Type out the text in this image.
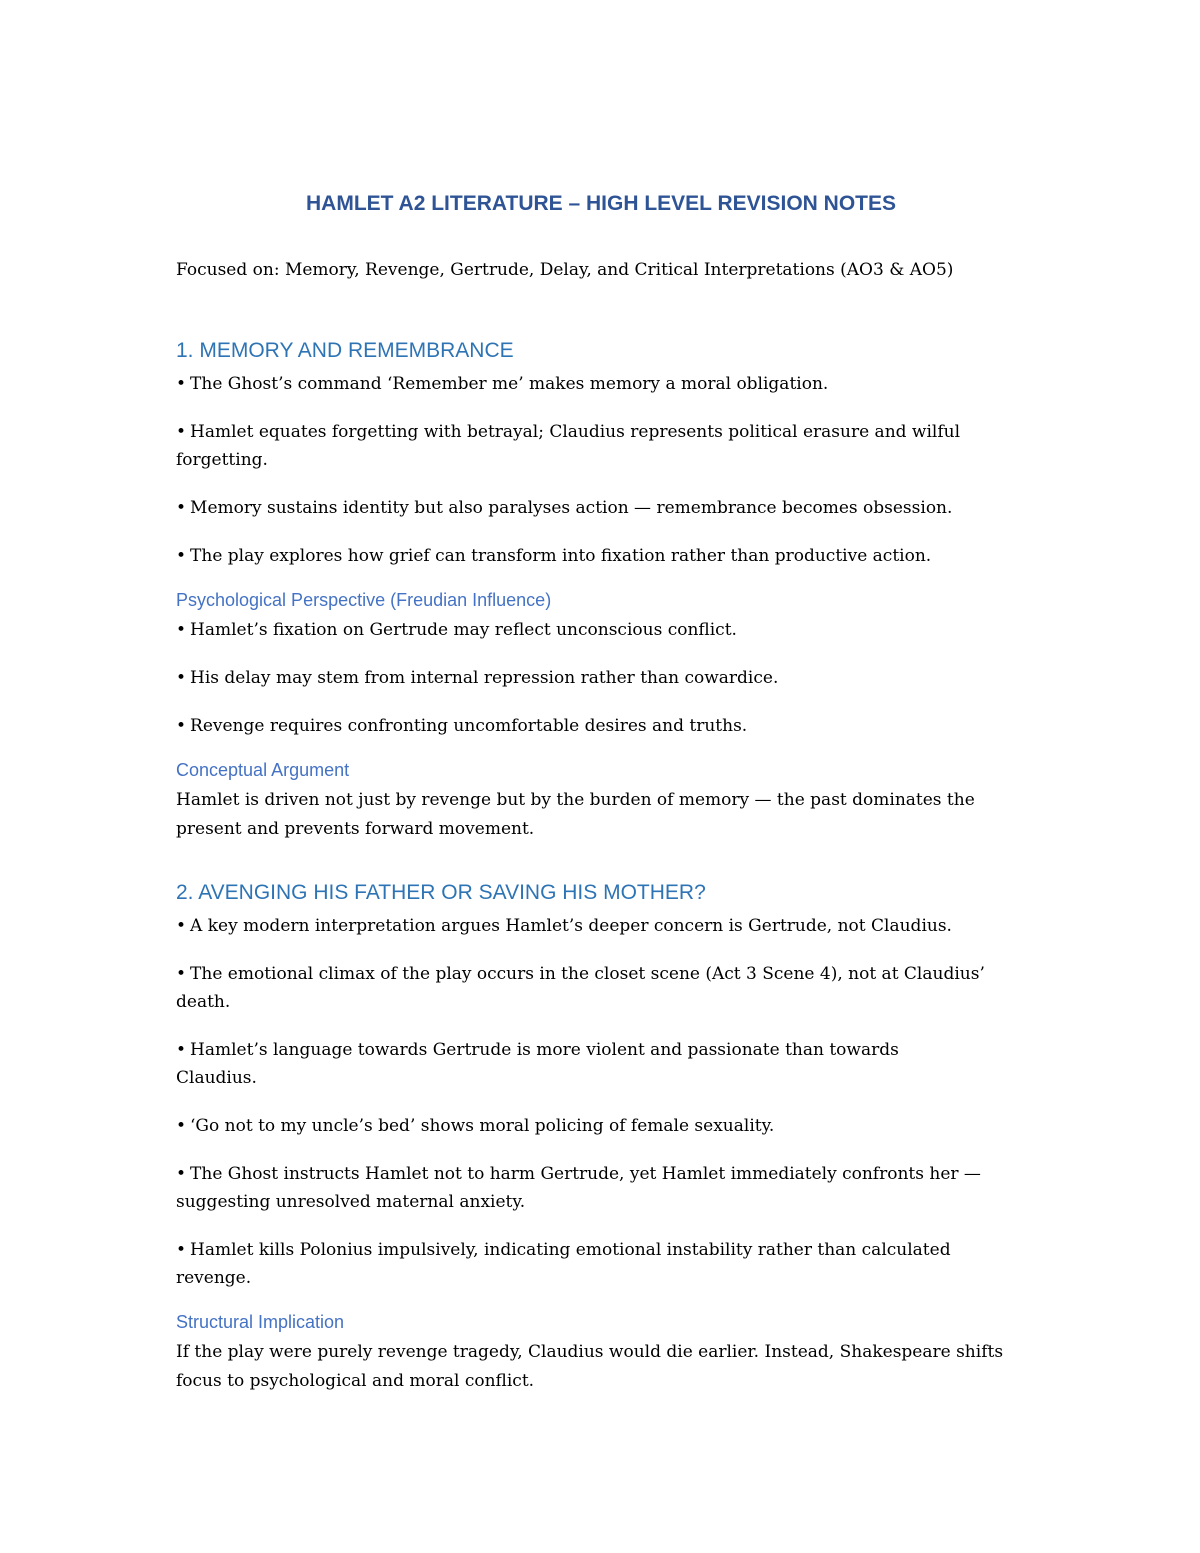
HAMLET A2 LITERATURE – HIGH LEVEL REVISION NOTES

Focused on: Memory, Revenge, Gertrude, Delay, and Critical Interpretations (AO3 & AO5)

1. MEMORY AND REMEMBRANCE

• The Ghost’s command ‘Remember me’ makes memory a moral obligation.

• Hamlet equates forgetting with betrayal; Claudius represents political erasure and wilful forgetting.

• Memory sustains identity but also paralyses action — remembrance becomes obsession.

• The play explores how grief can transform into fixation rather than productive action.

Psychological Perspective (Freudian Influence)

• Hamlet’s fixation on Gertrude may reflect unconscious conflict.

• His delay may stem from internal repression rather than cowardice.

• Revenge requires confronting uncomfortable desires and truths.

Conceptual Argument

Hamlet is driven not just by revenge but by the burden of memory — the past dominates the present and prevents forward movement.

2. AVENGING HIS FATHER OR SAVING HIS MOTHER?

• A key modern interpretation argues Hamlet’s deeper concern is Gertrude, not Claudius.

• The emotional climax of the play occurs in the closet scene (Act 3 Scene 4), not at Claudius’ death.

• Hamlet’s language towards Gertrude is more violent and passionate than towards Claudius.

• ‘Go not to my uncle’s bed’ shows moral policing of female sexuality.

• The Ghost instructs Hamlet not to harm Gertrude, yet Hamlet immediately confronts her — suggesting unresolved maternal anxiety.

• Hamlet kills Polonius impulsively, indicating emotional instability rather than calculated revenge.

Structural Implication

If the play were purely revenge tragedy, Claudius would die earlier. Instead, Shakespeare shifts focus to psychological and moral conflict.
